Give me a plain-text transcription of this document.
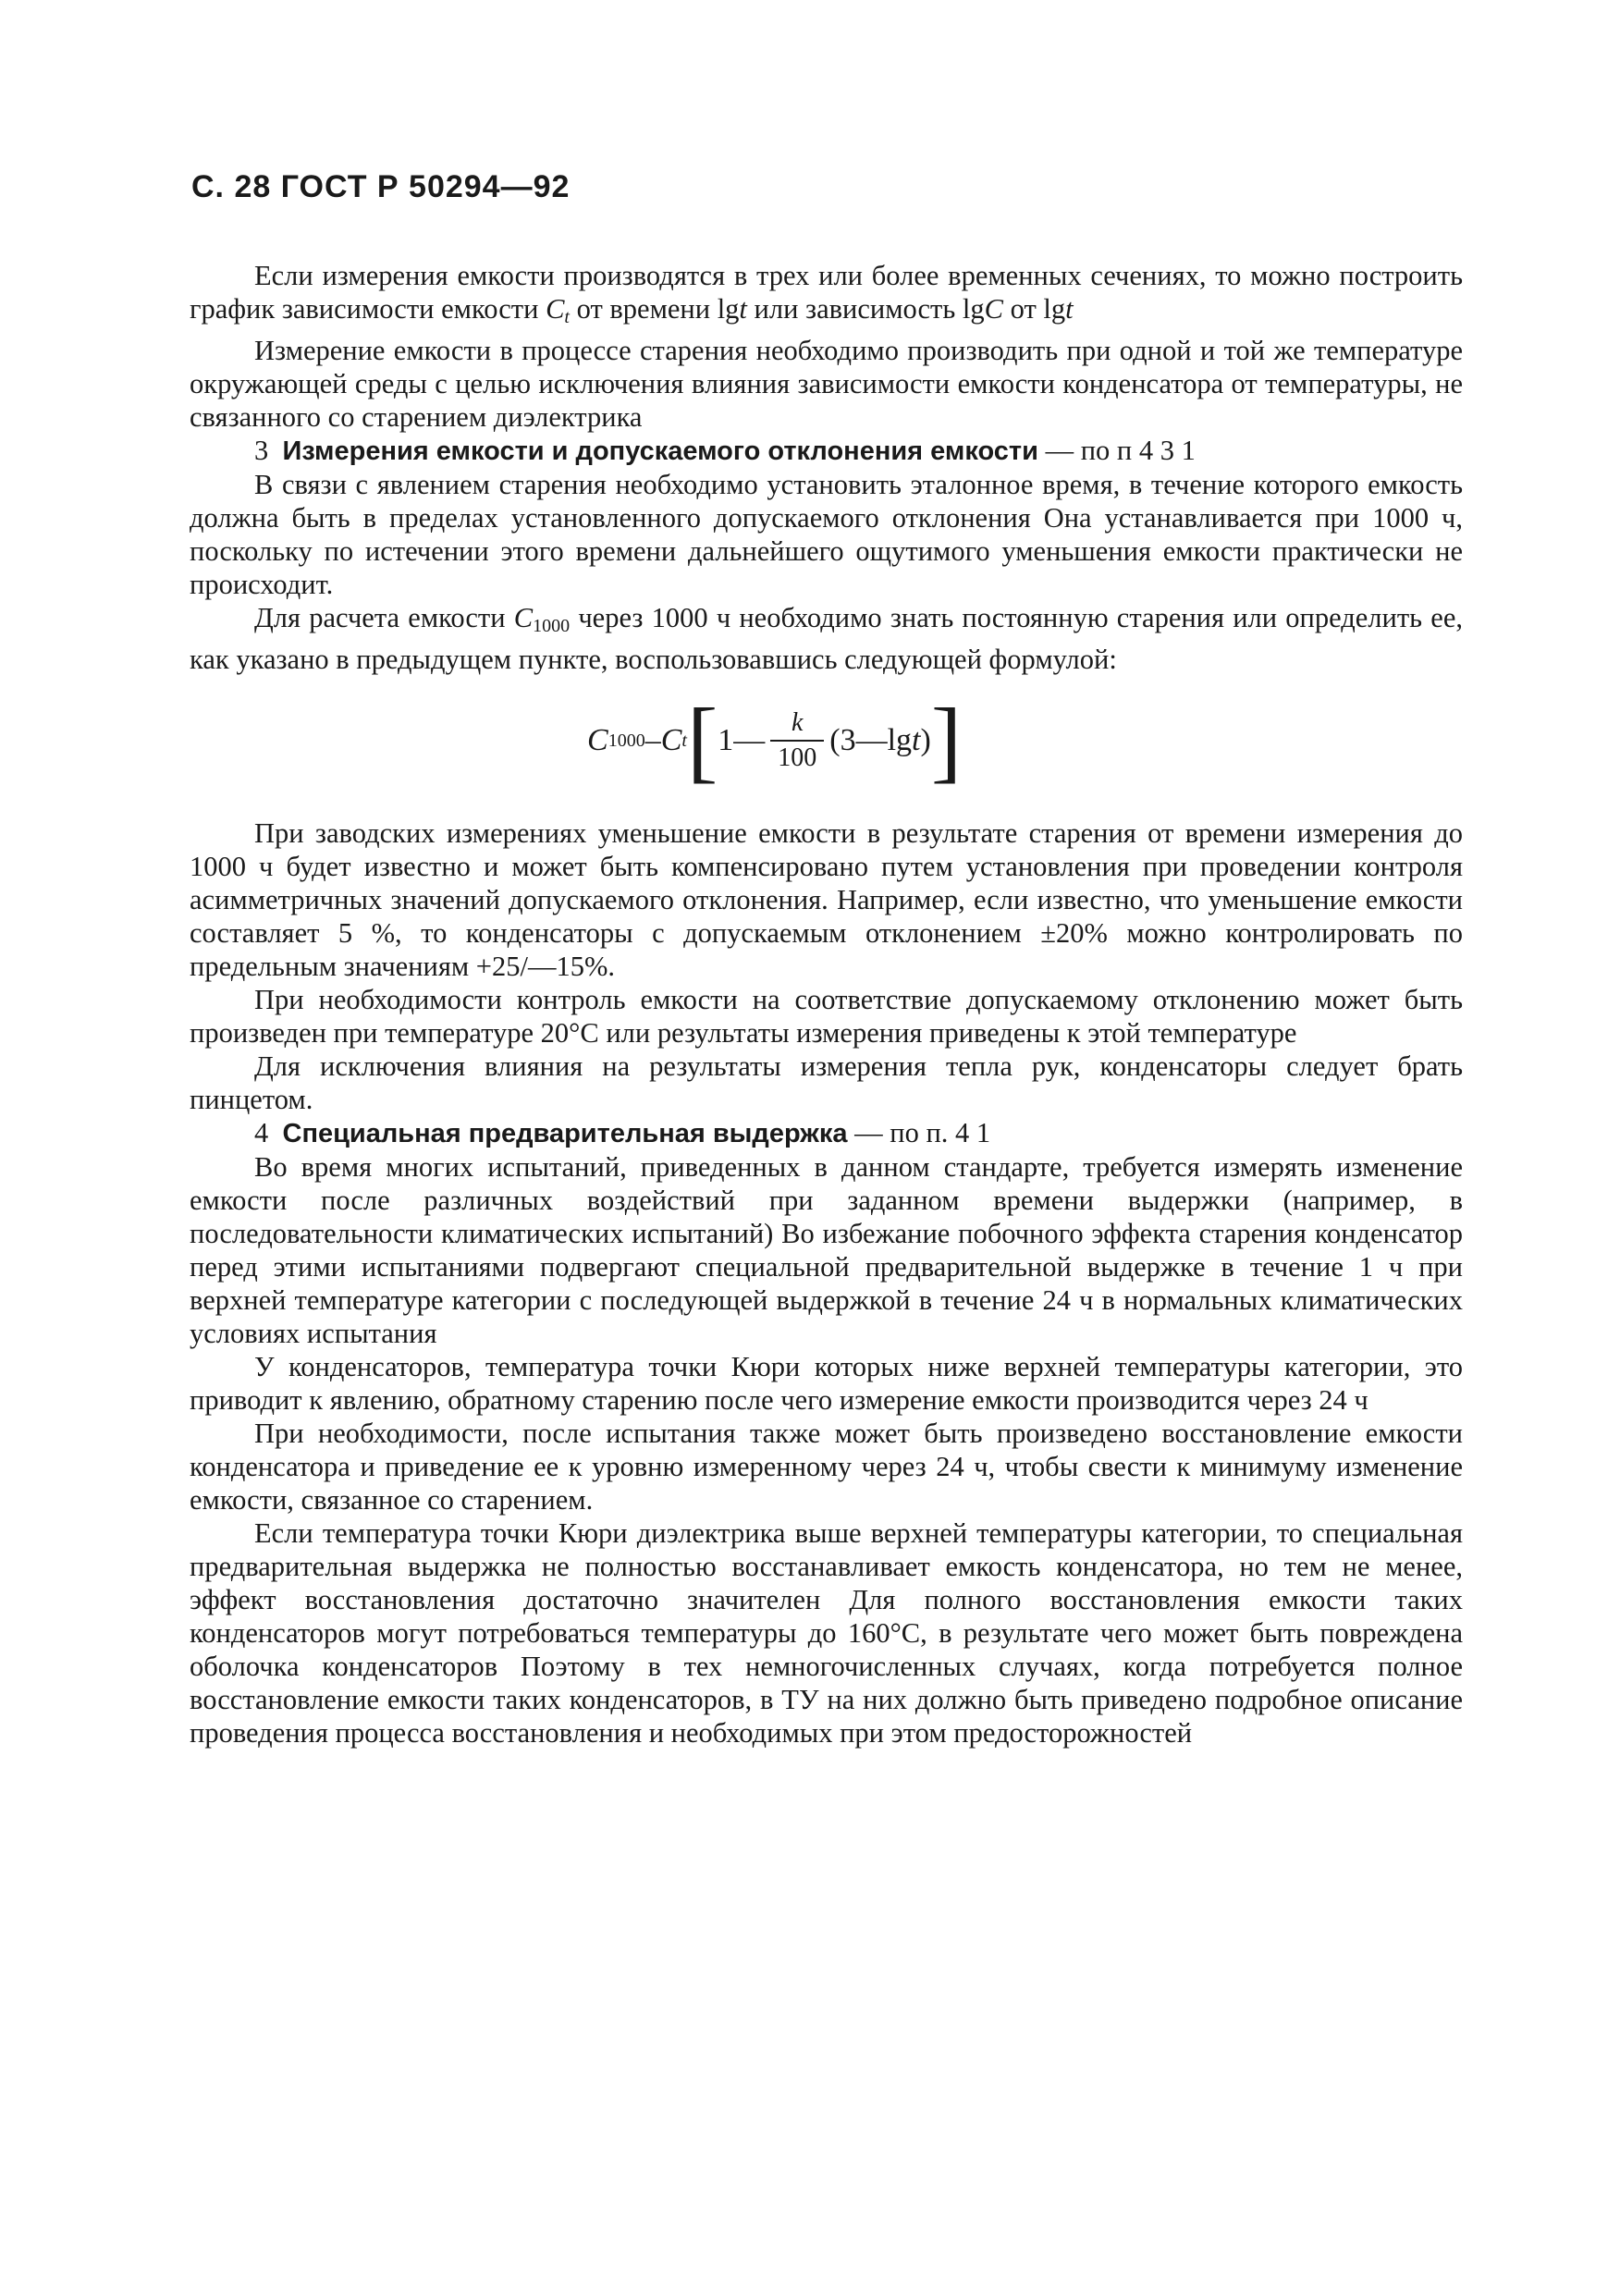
С. 28 ГОСТ Р 50294—92

Если измерения емкости производятся в трех или более временных сечениях, то можно построить график зависимости емкости $C_t$ от времени lgt или зависимость lgC от lgt

Измерение емкости в процессе старения необходимо производить при одной и той же температуре окружающей среды с целью исключения влияния зависимости емкости конденсатора от температуры, не связанного со старением диэлектрика

3 Измерения емкости и допускаемого отклонения емкости — по п 4 3 1

В связи с явлением старения необходимо установить эталонное время, в течение которого емкость должна быть в пределах установленного допускаемого отклонения Она устанавливается при 1000 ч, поскольку по истечении этого времени дальнейшего ощутимого уменьшения емкости практически не происходит.

Для расчета емкости $C_{1000}$ через 1000 ч необходимо знать постоянную старения или определить ее, как указано в предыдущем пункте, воспользовавшись следующей формулой:

C 1000 – C t [ 1— $\frac{k}{100}$ (3—lg t ) ]

При заводских измерениях уменьшение емкости в результате старения от времени измерения до 1000 ч будет известно и может быть компенсировано путем установления при проведении контроля асимметричных значений допускаемого отклонения. Например, если известно, что уменьшение емкости составляет 5 %, то конденсаторы с допускаемым отклонением ±20% можно контролировать по предельным значениям +25/—15%.

При необходимости контроль емкости на соответствие допускаемому отклонению может быть произведен при температуре 20°С или результаты измерения приведены к этой температуре

Для исключения влияния на результаты измерения тепла рук, конденсаторы следует брать пинцетом.

4 Специальная предварительная выдержка — по п. 4 1

Во время многих испытаний, приведенных в данном стандарте, требуется измерять изменение емкости после различных воздействий при заданном времени выдержки (например, в последовательности климатических испытаний) Во избежание побочного эффекта старения конденсатор перед этими испытаниями подвергают специальной предварительной выдержке в течение 1 ч при верхней температуре категории с последующей выдержкой в течение 24 ч в нормальных климатических условиях испытания

У конденсаторов, температура точки Кюри которых ниже верхней температуры категории, это приводит к явлению, обратному старению после чего измерение емкости производится через 24 ч

При необходимости, после испытания также может быть произведено восстановление емкости конденсатора и приведение ее к уровню измеренному через 24 ч, чтобы свести к минимуму изменение емкости, связанное со старением.

Если температура точки Кюри диэлектрика выше верхней температуры категории, то специальная предварительная выдержка не полностью восстанавливает емкость конденсатора, но тем не менее, эффект восстановления достаточно значителен Для полного восстановления емкости таких конденсаторов могут потребоваться температуры до 160°С, в результате чего может быть повреждена оболочка конденсаторов Поэтому в тех немногочисленных случаях, когда потребуется полное восстановление емкости таких конденсаторов, в ТУ на них должно быть приведено подробное описание проведения процесса восстановления и необходимых при этом предосторожностей
